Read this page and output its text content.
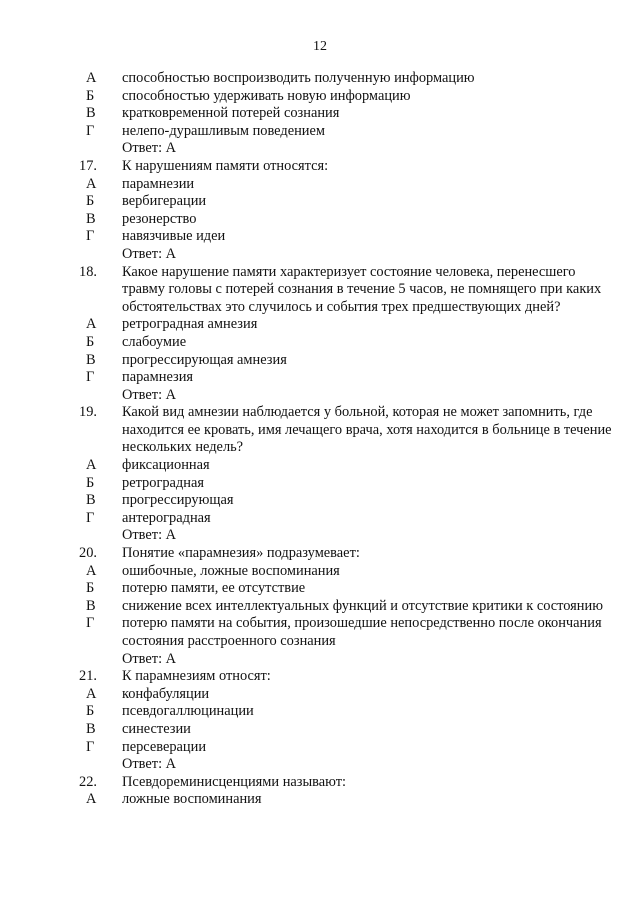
12
А	способностью воспроизводить полученную информацию
Б	способностью удерживать новую информацию
В	кратковременной потерей сознания
Г	нелепо-дурашливым поведением
Ответ: А
17.	К нарушениям памяти относятся:
А	парамнезии
Б	вербигерации
В	резонерство
Г	навязчивые идеи
Ответ: А
18.	Какое нарушение памяти характеризует состояние человека, перенесшего травму головы с потерей сознания в течение 5 часов, не помнящего при каких обстоятельствах это случилось и события трех предшествующих дней?
А	ретроградная амнезия
Б	слабоумие
В	прогрессирующая амнезия
Г	парамнезия
Ответ: А
19.	Какой вид амнезии наблюдается у больной, которая не может запомнить, где находится ее кровать, имя лечащего врача, хотя находится в больнице в течение нескольких недель?
А	фиксационная
Б	ретроградная
В	прогрессирующая
Г	антероградная
Ответ: А
20.	Понятие «парамнезия» подразумевает:
А	ошибочные, ложные воспоминания
Б	потерю памяти, ее отсутствие
В	снижение всех интеллектуальных функций и отсутствие критики к состоянию
Г	потерю памяти на события, произошедшие непосредственно после окончания состояния расстроенного сознания
Ответ: А
21.	К парамнезиям относят:
А	конфабуляции
Б	псевдогаллюцинации
В	синестезии
Г	персеверации
Ответ: А
22.	Псевдореминисценциями называют:
А	ложные воспоминания
